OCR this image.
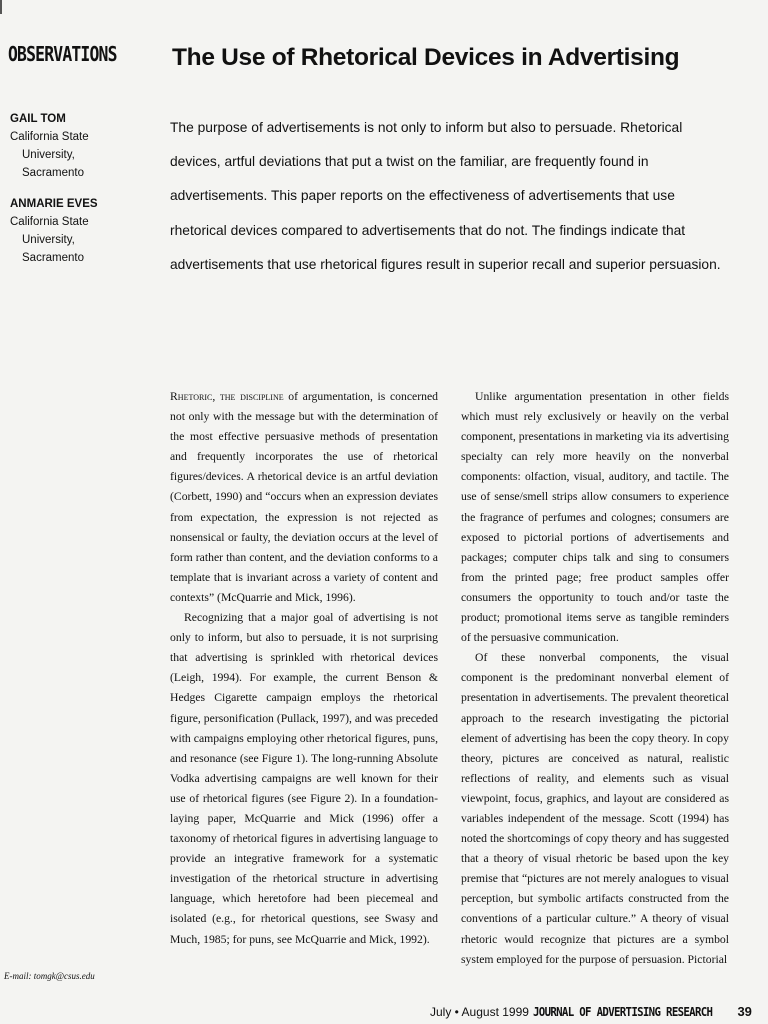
OBSERVATIONS The Use of Rhetorical Devices in Advertising
GAIL TOM
California State
University,
Sacramento
ANMARIE EVES
California State
University,
Sacramento

The purpose of advertisements is not only to inform but also to persuade. Rhetorical devices, artful deviations that put a twist on the familiar, are frequently found in advertisements. This paper reports on the effectiveness of advertisements that use rhetorical devices compared to advertisements that do not. The findings indicate that advertisements that use rhetorical figures result in superior recall and superior persuasion.

Rhetoric, the discipline of argumentation, is concerned not only with the message but with the determination of the most effective persuasive methods of presentation and frequently incorporates the use of rhetorical figures/devices. A rhetorical device is an artful deviation (Corbett, 1990) and “occurs when an expression deviates from expectation, the expression is not rejected as nonsensical or faulty, the deviation occurs at the level of form rather than content, and the deviation conforms to a template that is invariant across a variety of content and contexts” (McQuarrie and Mick, 1996).

Recognizing that a major goal of advertising is not only to inform, but also to persuade, it is not surprising that advertising is sprinkled with rhetorical devices (Leigh, 1994). For example, the current Benson & Hedges Cigarette campaign employs the rhetorical figure, personification (Pullack, 1997), and was preceded with campaigns employing other rhetorical figures, puns, and resonance (see Figure 1). The long-running Absolute Vodka advertising campaigns are well known for their use of rhetorical figures (see Figure 2). In a foundation-laying paper, McQuarrie and Mick (1996) offer a taxonomy of rhetorical figures in advertising language to provide an integrative framework for a systematic investigation of the rhetorical structure in advertising language, which heretofore had been piecemeal and isolated (e.g., for rhetorical questions, see Swasy and Much, 1985; for puns, see McQuarrie and Mick, 1992).

Unlike argumentation presentation in other fields which must rely exclusively or heavily on the verbal component, presentations in marketing via its advertising specialty can rely more heavily on the nonverbal components: olfaction, visual, auditory, and tactile. The use of sense/smell strips allow consumers to experience the fragrance of perfumes and colognes; consumers are exposed to pictorial portions of advertisements and packages; computer chips talk and sing to consumers from the printed page; free product samples offer consumers the opportunity to touch and/or taste the product; promotional items serve as tangible reminders of the persuasive communication.

Of these nonverbal components, the visual component is the predominant nonverbal element of presentation in advertisements. The prevalent theoretical approach to the research investigating the pictorial element of advertising has been the copy theory. In copy theory, pictures are conceived as natural, realistic reflections of reality, and elements such as visual viewpoint, focus, graphics, and layout are considered as variables independent of the message. Scott (1994) has noted the shortcomings of copy theory and has suggested that a theory of visual rhetoric be based upon the key premise that “pictures are not merely analogues to visual perception, but symbolic artifacts constructed from the conventions of a particular culture.” A theory of visual rhetoric would recognize that pictures are a symbol system employed for the purpose of persuasion. Pictorial

E-mail: tomgk@csus.edu
July • August 1999 JOURNAL OF ADVERTISING RESEARCH 39
